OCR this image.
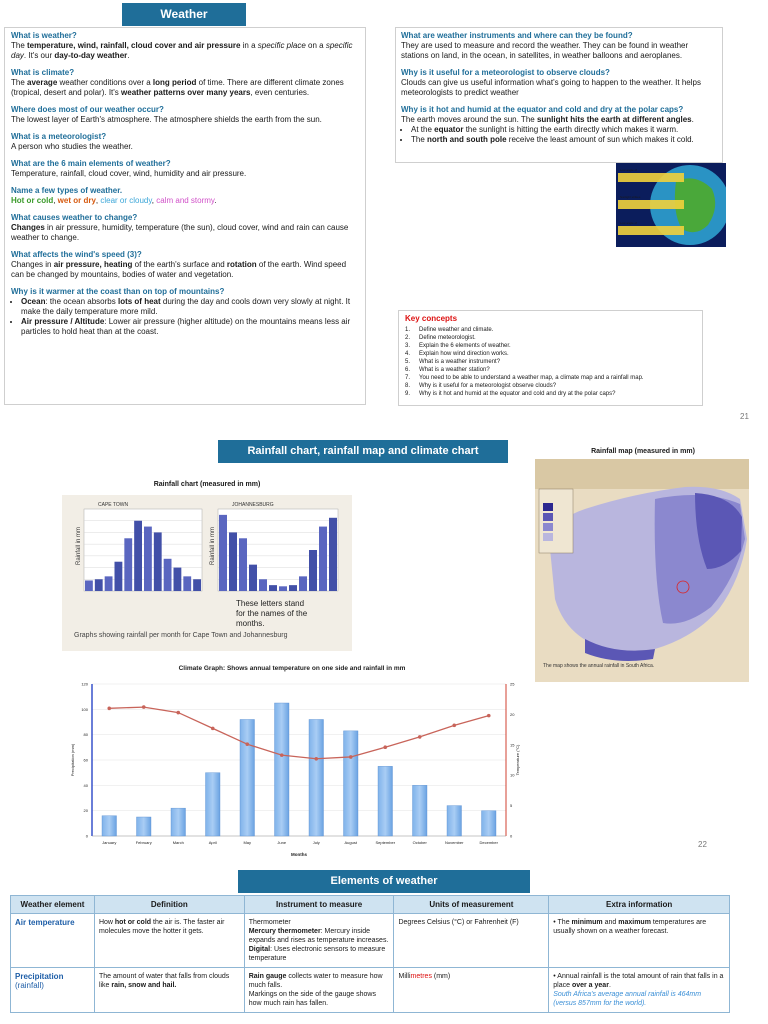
Weather
What is weather?
The temperature, wind, rainfall, cloud cover and air pressure in a specific place on a specific day. It's our day-to-day weather.
What is climate?
The average weather conditions over a long period of time. There are different climate zones (tropical, desert and polar). It's weather patterns over many years, even centuries.
Where does most of our weather occur?
The lowest layer of Earth's atmosphere. The atmosphere shields the earth from the sun.
What is a meteorologist?
A person who studies the weather.
What are the 6 main elements of weather?
Temperature, rainfall, cloud cover, wind, humidity and air pressure.
Name a few types of weather.
Hot or cold, wet or dry, clear or cloudy, calm and stormy.
What causes weather to change?
Changes in air pressure, humidity, temperature (the sun), cloud cover, wind and rain can cause weather to change.
What affects the wind's speed (3)?
Changes in air pressure, heating of the earth's surface and rotation of the earth. Wind speed can be changed by mountains, bodies of water and vegetation.
Why is it warmer at the coast than on top of mountains?
• Ocean: the ocean absorbs lots of heat during the day and cools down very slowly at night. It make the daily temperature more mild.
• Air pressure / Altitude: Lower air pressure (higher altitude) on the mountains means less air particles to hold heat than at the coast.
What are weather instruments and where can they be found?
They are used to measure and record the weather. They can be found in weather stations on land, in the ocean, in satellites, in weather balloons and aeroplanes.
Why is it useful for a meteorologist to observe clouds?
Clouds can give us useful information what's going to happen to the weather. It helps meteorologists to predict weather
Why is it hot and humid at the equator and cold and dry at the polar caps?
The earth moves around the sun. The sunlight hits the earth at different angles.
• At the equator the sunlight is hitting the earth directly which makes it warm.
• The north and south pole receive the least amount of sun which makes it cold.
Low angle of
Sunlight strikes
Low angle of
Key concepts
1.	Define weather and climate.
2.	Define meteorologist.
3.	Explain the 6 elements of weather.
4.	Explain how wind direction works.
5.	What is a weather instrument?
6.	What is a weather station?
7.	You need to be able to understand a weather map, a climate map and a rainfall map.
8.	Why is it useful for a meteorologist observe clouds?
9.	Why is it hot and humid at the equator and cold and dry at the polar caps?
21
Rainfall chart, rainfall map and climate chart
Rainfall chart (measured in mm)
CAPE TOWN
Rainfall in mm
JOHANNESBURG
Rainfall in mm
These letters stand for the names of the months.
Graphs showing rainfall per month for Cape Town and Johannesburg
Rainfall map (measured in mm)
The map shows the annual rainfall in South Africa.
Climate Graph: Shows annual temperature on one side and rainfall in mm
0
20
40
60
80
100
120
0
5
10
15
20
25
January	February	March	April	May	June	July	August	September	October	November	December
Months
Precipitation (mm)	Temperature (°C)
22
Elements of weather
Weather element	Definition	Instrument to measure	Units of measurement	Extra information
Air temperature	How hot or cold the air is. The faster air molecules move the hotter it gets.	Thermometer
Mercury thermometer: Mercury inside expands and rises as temperature increases.
Digital: Uses electronic sensors to measure temperature	Degrees Celsius (°C) or Fahrenheit (F)	• The minimum and maximum temperatures are usually shown on a weather forecast.
Precipitation
(rainfall)	The amount of water that falls from clouds like rain, snow and hail.	Rain gauge collects water to measure how much falls.
Markings on the side of the gauge shows how much rain has fallen.	Millimetres (mm)	• Annual rainfall is the total amount of rain that falls in a place over a year.
South Africa's average annual rainfall is 464mm (versus 857mm for the world).
